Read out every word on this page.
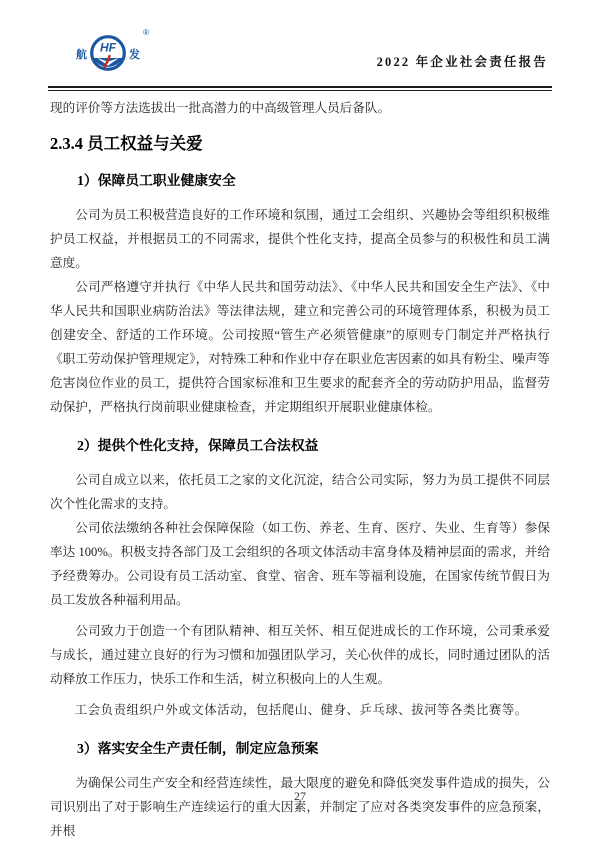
航 HF 发
®
2022 年企业社会责任报告

现的评价等方法选拔出一批高潜力的中高级管理人员后备队。

2.3.4 员工权益与关爱
1）保障员工职业健康安全

公司为员工积极营造良好的工作环境和氛围，通过工会组织、兴趣协会等组织积极维护员工权益，并根据员工的不同需求，提供个性化支持，提高全员参与的积极性和员工满意度。

公司严格遵守并执行《中华人民共和国劳动法》、《中华人民共和国安全生产法》、《中华人民共和国职业病防治法》等法律法规，建立和完善公司的环境管理体系，积极为员工创建安全、舒适的工作环境。公司按照“管生产必须管健康”的原则专门制定并严格执行《职工劳动保护管理规定》，对特殊工种和作业中存在职业危害因素的如具有粉尘、噪声等危害岗位作业的员工，提供符合国家标准和卫生要求的配套齐全的劳动防护用品，监督劳动保护，严格执行岗前职业健康检查，并定期组织开展职业健康体检。

2）提供个性化支持，保障员工合法权益

公司自成立以来，依托员工之家的文化沉淀，结合公司实际，努力为员工提供不同层次个性化需求的支持。

公司依法缴纳各种社会保障保险（如工伤、养老、生育、医疗、失业、生育等）参保率达 100%。积极支持各部门及工会组织的各项文体活动丰富身体及精神层面的需求，并给予经费筹办。公司设有员工活动室、食堂、宿舍、班车等福利设施，在国家传统节假日为员工发放各种福利用品。

公司致力于创造一个有团队精神、相互关怀、相互促进成长的工作环境，公司秉承爱与成长，通过建立良好的行为习惯和加强团队学习，关心伙伴的成长，同时通过团队的活动释放工作压力，快乐工作和生活，树立积极向上的人生观。

工会负责组织户外或文体活动，包括爬山、健身、乒乓球、拔河等各类比赛等。

3）落实安全生产责任制，制定应急预案

为确保公司生产安全和经营连续性，最大限度的避免和降低突发事件造成的损失，公司识别出了对于影响生产连续运行的重大因素，并制定了应对各类突发事件的应急预案，并根

27
